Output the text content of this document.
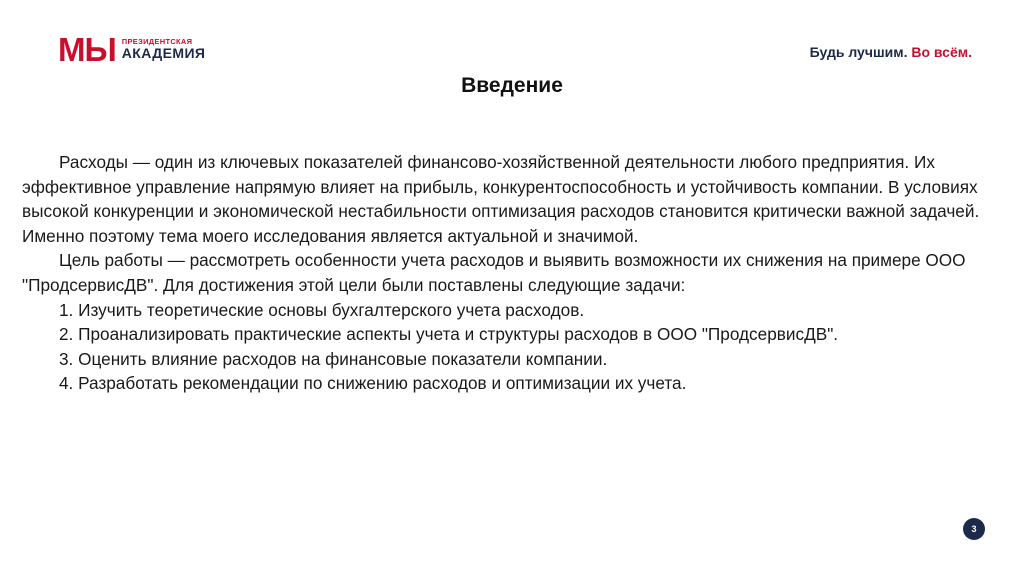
МЫ ПРЕЗИДЕНТСКАЯ
АКАДЕМИЯ	Будь лучшим. Во всём.
Введение

Расходы — один из ключевых показателей финансово-хозяйственной деятельности любого предприятия. Их эффективное управление напрямую влияет на прибыль, конкурентоспособность и устойчивость компании. В условиях высокой конкуренции и экономической нестабильности оптимизация расходов становится критически важной задачей. Именно поэтому тема моего исследования является актуальной и значимой.

Цель работы — рассмотреть особенности учета расходов и выявить возможности их снижения на примере ООО "ПродсервисДВ". Для достижения этой цели были поставлены следующие задачи:

1. Изучить теоретические основы бухгалтерского учета расходов.

2. Проанализировать практические аспекты учета и структуры расходов в ООО "ПродсервисДВ".

3. Оценить влияние расходов на финансовые показатели компании.

4. Разработать рекомендации по снижению расходов и оптимизации их учета.

3
